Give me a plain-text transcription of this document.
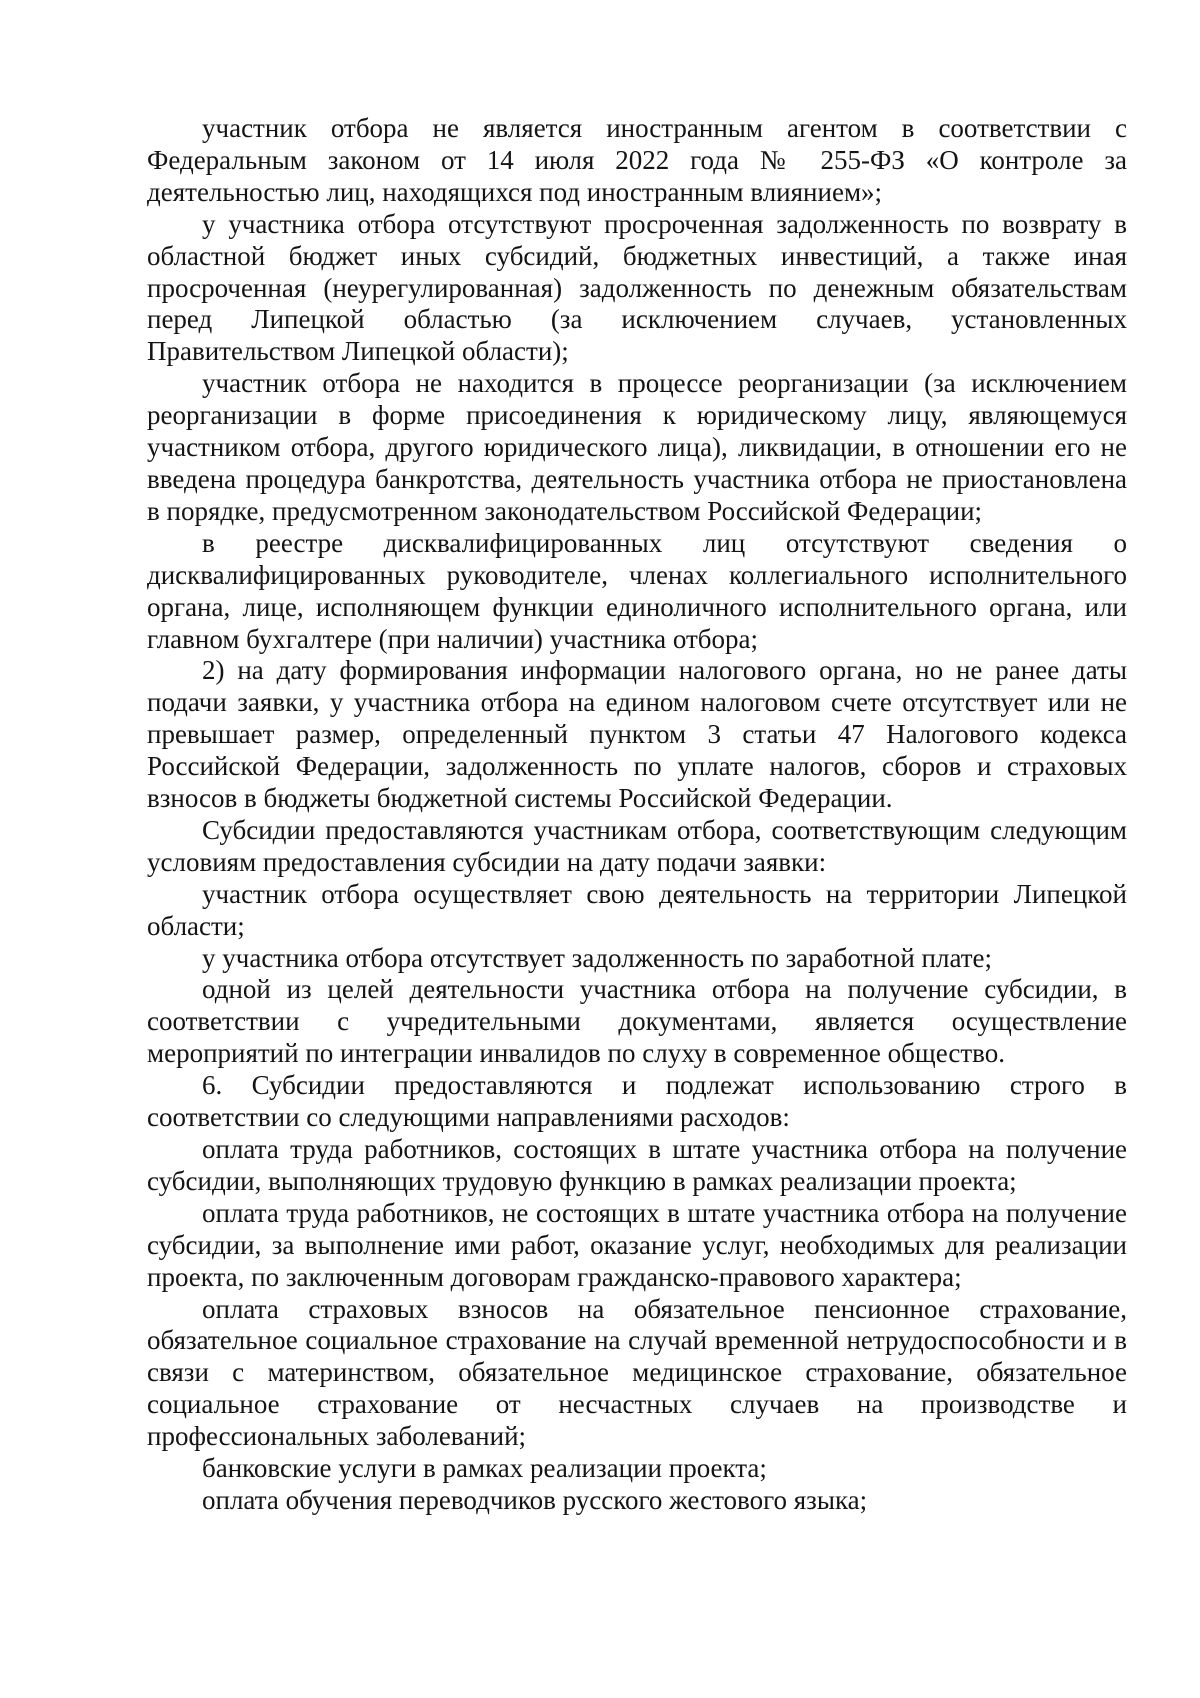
участник отбора не является иностранным агентом в соответствии с Федеральным законом от 14 июля 2022 года № 255-ФЗ «О контроле за деятельностью лиц, находящихся под иностранным влиянием»;

у участника отбора отсутствуют просроченная задолженность по возврату в областной бюджет иных субсидий, бюджетных инвестиций, а также иная просроченная (неурегулированная) задолженность по денежным обязательствам перед Липецкой областью (за исключением случаев, установленных Правительством Липецкой области);

участник отбора не находится в процессе реорганизации (за исключением реорганизации в форме присоединения к юридическому лицу, являющемуся участником отбора, другого юридического лица), ликвидации, в отношении его не введена процедура банкротства, деятельность участника отбора не приостановлена в порядке, предусмотренном законодательством Российской Федерации;

в реестре дисквалифицированных лиц отсутствуют сведения о дисквалифицированных руководителе, членах коллегиального исполнительного органа, лице, исполняющем функции единоличного исполнительного органа, или главном бухгалтере (при наличии) участника отбора;

2) на дату формирования информации налогового органа, но не ранее даты подачи заявки, у участника отбора на едином налоговом счете отсутствует или не превышает размер, определенный пунктом 3 статьи 47 Налогового кодекса Российской Федерации, задолженность по уплате налогов, сборов и страховых взносов в бюджеты бюджетной системы Российской Федерации.

Субсидии предоставляются участникам отбора, соответствующим следующим условиям предоставления субсидии на дату подачи заявки:

участник отбора осуществляет свою деятельность на территории Липецкой области;

у участника отбора отсутствует задолженность по заработной плате;

одной из целей деятельности участника отбора на получение субсидии, в соответствии с учредительными документами, является осуществление мероприятий по интеграции инвалидов по слуху в современное общество.

6. Субсидии предоставляются и подлежат использованию строго в соответствии со следующими направлениями расходов:

оплата труда работников, состоящих в штате участника отбора на получение субсидии, выполняющих трудовую функцию в рамках реализации проекта;

оплата труда работников, не состоящих в штате участника отбора на получение субсидии, за выполнение ими работ, оказание услуг, необходимых для реализации проекта, по заключенным договорам гражданско-правового характера;

оплата страховых взносов на обязательное пенсионное страхование, обязательное социальное страхование на случай временной нетрудоспособности и в связи с материнством, обязательное медицинское страхование, обязательное социальное страхование от несчастных случаев на производстве и профессиональных заболеваний;

банковские услуги в рамках реализации проекта;

оплата обучения переводчиков русского жестового языка;
